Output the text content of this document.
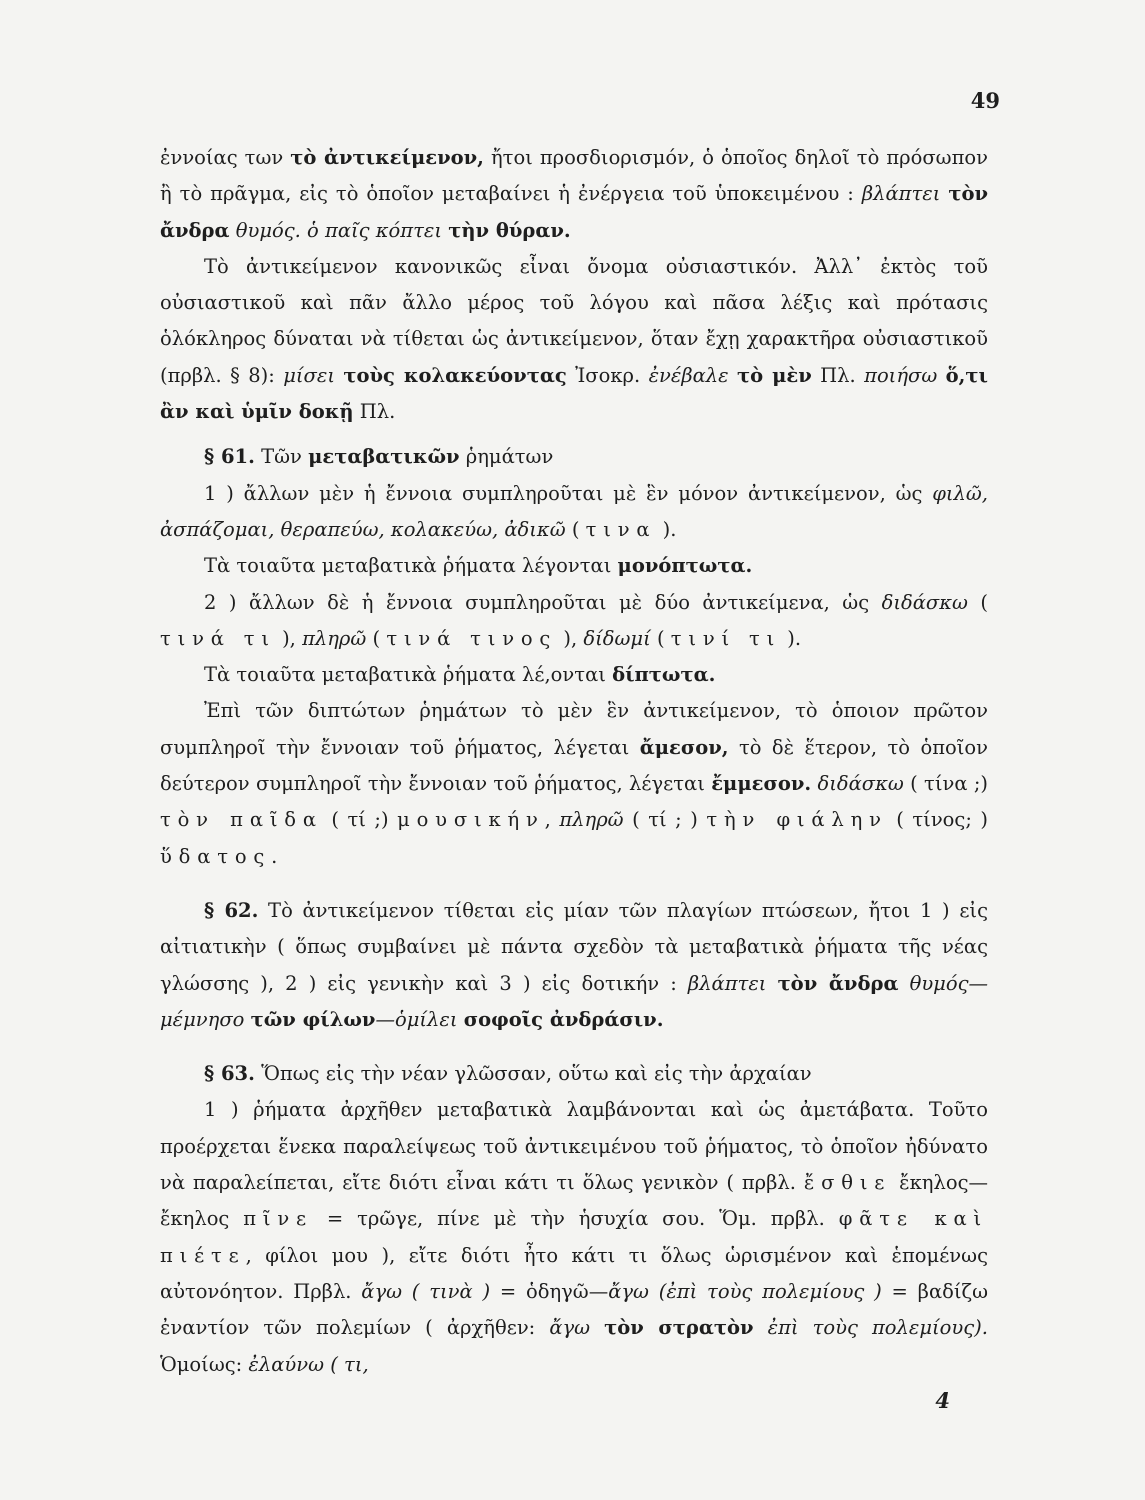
49

ἐννοίας των τὸ ἀντικείμενον, ἤτοι προσδιορισμόν, ὁ ὁποῖος δηλοῖ τὸ πρόσωπον ἢ τὸ πρᾶγμα, εἰς τὸ ὁποῖον μεταβαίνει ἡ ἐνέργεια τοῦ ὑποκειμένου : βλάπτει τὸν ἄνδρα θυμός. ὁ παῖς κόπτει τὴν θύραν.

Τὸ ἀντικείμενον κανονικῶς εἶναι ὄνομα οὐσιαστικόν. Ἀλλ᾽ ἐκτὸς τοῦ οὐσιαστικοῦ καὶ πᾶν ἄλλο μέρος τοῦ λόγου καὶ πᾶσα λέξις καὶ πρότασις ὁλόκληρος δύναται νὰ τίθεται ὡς ἀντικείμενον, ὅταν ἔχῃ χαρακτῆρα οὐσιαστικοῦ (πρβλ. § 8): μίσει τοὺς κολακεύοντας Ἰσοκρ. ἐνέβαλε τὸ μὲν Πλ. ποιήσω ὅ,τι ἂν καὶ ὑμῖν δοκῇ Πλ.

§ 61. Τῶν μεταβατικῶν ῥημάτων

1 ) ἄλλων μὲν ἡ ἔννοια συμπληροῦται μὲ ἓν μόνον ἀντικείμενον, ὡς φιλῶ, ἀσπάζομαι, θεραπεύω, κολακεύω, ἀδικῶ ( τινα ).

Τὰ τοιαῦτα μεταβατικὰ ῥήματα λέγονται μονόπτωτα.

2 ) ἄλλων δὲ ἡ ἔννοια συμπληροῦται μὲ δύο ἀντικείμενα, ὡς διδάσκω ( τινά τι ), πληρῶ ( τινά τινος ), δίδωμί ( τινί τι ).

Τὰ τοιαῦτα μεταβατικὰ ῥήματα λέ,ονται δίπτωτα.

Ἐπὶ τῶν διπτώτων ῥημάτων τὸ μὲν ἓν ἀντικείμενον, τὸ ὁποιον πρῶτον συμπληροῖ τὴν ἔννοιαν τοῦ ῥήματος, λέγεται ἄμεσον, τὸ δὲ ἕτερον, τὸ ὁποῖον δεύτερον συμπληροῖ τὴν ἔννοιαν τοῦ ῥήματος, λέγεται ἔμμεσον. διδάσκω ( τίνα ;) τὸν παῖδα ( τί ;) μουσικήν, πληρῶ ( τί ; ) τὴν φιάλην ( τίνος; ) ὕδατος.

§ 62. Τὸ ἀντικείμενον τίθεται εἰς μίαν τῶν πλαγίων πτώσεων, ἤτοι 1 ) εἰς αἰτιατικὴν ( ὅπως συμβαίνει μὲ πάντα σχεδὸν τὰ μεταβατικὰ ῥήματα τῆς νέας γλώσσης ), 2 ) εἰς γενικὴν καὶ 3 ) εἰς δοτικήν : βλάπτει τὸν ἄνδρα θυμός—μέμνησο τῶν φίλων—ὁμίλει σοφοῖς ἀνδράσιν.

§ 63. Ὅπως εἰς τὴν νέαν γλῶσσαν, οὕτω καὶ εἰς τὴν ἀρχαίαν

1 ) ῥήματα ἀρχῆθεν μεταβατικὰ λαμβάνονται καὶ ὡς ἀμετάβατα. Τοῦτο προέρχεται ἕνεκα παραλείψεως τοῦ ἀντικειμένου τοῦ ῥήματος, τὸ ὁποῖον ἠδύνατο νὰ παραλείπεται, εἴτε διότι εἶναι κάτι τι ὅλως γενικὸν ( πρβλ. ἔσθιε ἔκηλος—ἔκηλος πῖνε = τρῶγε, πίνε μὲ τὴν ἡσυχία σου. Ὅμ. πρβλ. φᾶτε καὶ πιέτε, φίλοι μου ), εἴτε διότι ἦτο κάτι τι ὅλως ὡρισμένον καὶ ἑπομένως αὐτονόητον. Πρβλ. ἄγω ( τινὰ ) = ὁδηγῶ—ἄγω (ἐπὶ τοὺς πολεμίους ) = βαδίζω ἐναντίον τῶν πολεμίων ( ἀρχῆθεν: ἄγω τὸν στρατὸν ἐπὶ τοὺς πολεμίους). Ὁμοίως: ἐλαύνω ( τι,

4
